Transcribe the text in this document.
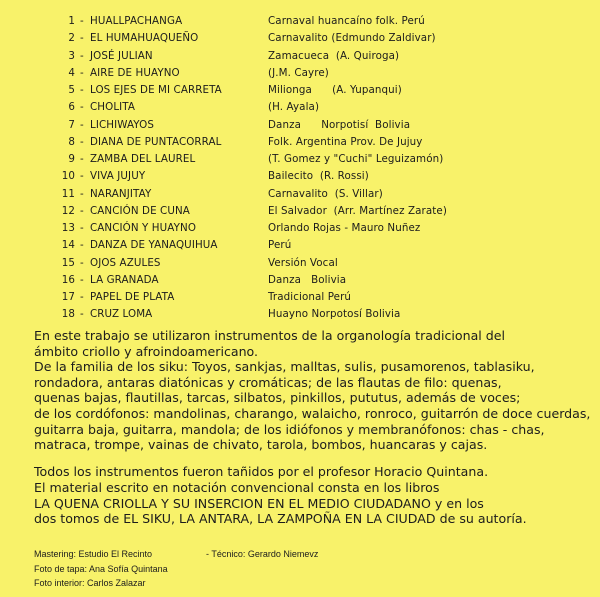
1 - HUALLPACHANGA	Carnaval huancaíno folk. Perú
2 - EL HUMAHUAQUEÑO	Carnavalito (Edmundo Zaldivar)
3 - JOSÉ JULIAN	Zamacueca  (A. Quiroga)
4 - AIRE DE HUAYNO	(J.M. Cayre)
5 - LOS EJES DE MI CARRETA	Milionga      (A. Yupanqui)
6 - CHOLITA	(H. Ayala)
7 - LICHIWAYOS	Danza      Norpotisí  Bolivia
8 - DIANA DE PUNTACORRAL	Folk. Argentina Prov. De Jujuy
9 - ZAMBA DEL LAUREL	(T. Gomez y "Cuchi" Leguizamón)
10 - VIVA JUJUY	Bailecito  (R. Rossi)
11 - NARANJITAY	Carnavalito  (S. Villar)
12 - CANCIÓN DE CUNA	El Salvador  (Arr. Martínez Zarate)
13 - CANCIÓN Y HUAYNO	Orlando Rojas - Mauro Nuñez
14 - DANZA DE YANAQUIHUA	Perú
15 - OJOS AZULES	Versión Vocal
16 - LA GRANADA	Danza   Bolivia
17 - PAPEL DE PLATA	Tradicional Perú
18 - CRUZ LOMA	Huayno Norpotosí Bolivia
En este trabajo se utilizaron instrumentos de la organología tradicional del
ámbito criollo y afroindoamericano.
De la familia de los siku: Toyos, sankjas, malltas, sulis, pusamorenos, tablasiku,
rondadora, antaras diatónicas y cromáticas; de las flautas de filo: quenas,
quenas bajas, flautillas, tarcas, silbatos, pinkillos, pututus, además de voces;
de los cordófonos: mandolinas, charango, walaicho, ronroco, guitarrón de doce cuerdas,
guitarra baja, guitarra, mandola; de los idiófonos y membranófonos: chas - chas,
matraca, trompe, vainas de chivato, tarola, bombos, huancaras y cajas.
Todos los instrumentos fueron tañidos por el profesor Horacio Quintana.
El material escrito en notación convencional consta en los libros
LA QUENA CRIOLLA Y SU INSERCION EN EL MEDIO CIUDADANO y en los
dos tomos de EL SIKU, LA ANTARA, LA ZAMPOÑA EN LA CIUDAD de su autoría.
Mastering: Estudio El Recinto	- Técnico: Gerardo Niemevz
Foto de tapa: Ana Sofía Quintana
Foto interior: Carlos Zalazar
